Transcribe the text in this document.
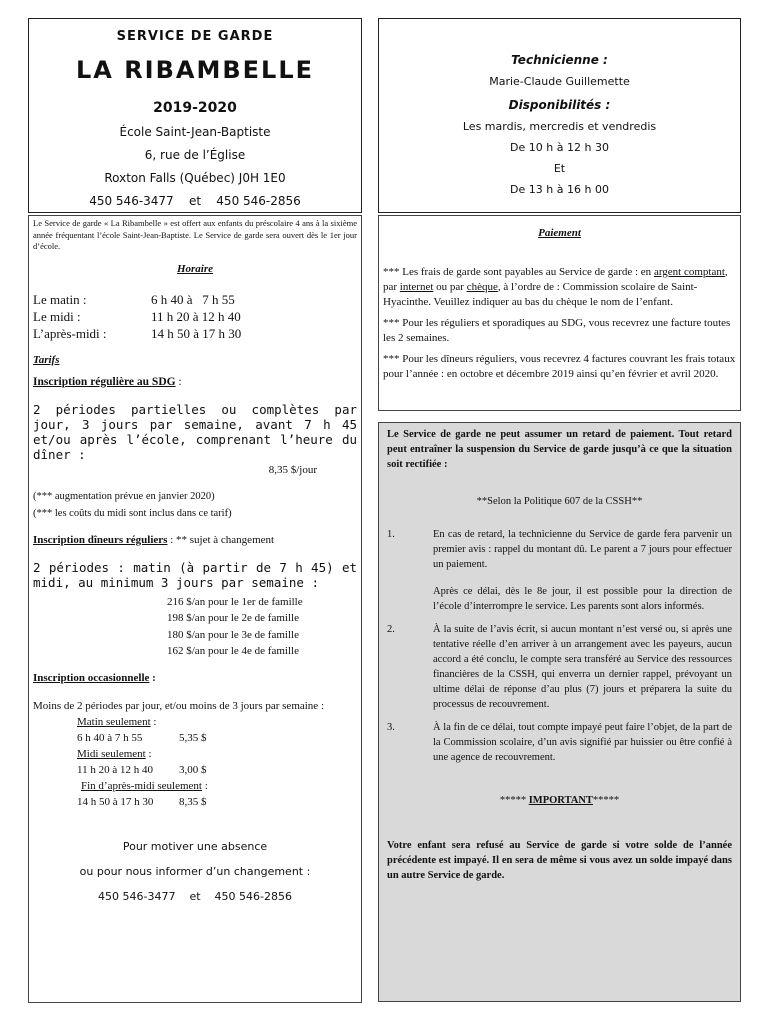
SERVICE DE GARDE

LA RIBAMBELLE

2019-2020

École Saint-Jean-Baptiste

6, rue de l’Église

Roxton Falls (Québec) J0H 1E0

450 546-3477    et    450 546-2856

Technicienne :

Marie-Claude Guillemette

Disponibilités :

Les mardis, mercredis et vendredis

De 10 h à 12 h 30

Et

De 13 h à 16 h 00

Le Service de garde « La Ribambelle » est offert aux enfants du préscolaire 4 ans à la sixième année fréquentant l’école Saint-Jean-Baptiste. Le Service de garde sera ouvert dès le 1er jour d’école.

Horaire

Le matin :	6 h 40 à   7 h 55
Le midi :	11 h 20 à 12 h 40
L’après-midi :	14 h 50 à 17 h 30

Tarifs

Inscription régulière au SDG :

2 périodes partielles ou complètes par jour, 3 jours par semaine, avant 7 h 45 et/ou après l’école, comprenant l’heure du dîner :

8,35 $/jour

(*** augmentation prévue en janvier 2020)

(*** les coûts du midi sont inclus dans ce tarif)

Inscription dîneurs réguliers : ** sujet à changement

2 périodes : matin (à partir de 7 h 45) et midi, au minimum 3 jours par semaine :

216 $/an pour le 1er de famille

198 $/an pour le 2e de famille

180 $/an pour le 3e de famille

162 $/an pour le 4e de famille

Inscription occasionnelle :

Moins de 2 périodes par jour, et/ou moins de 3 jours par semaine :

Matin seulement :

6 h 40 à 7 h 55	5,35 $

Midi seulement :

11 h 20 à 12 h 40	3,00 $

Fin d’après-midi seulement :

14 h 50 à 17 h 30	8,35 $

Pour motiver une absence

ou pour nous informer d’un changement :

450 546-3477    et    450 546-2856

Paiement

*** Les frais de garde sont payables au Service de garde : en argent comptant, par internet ou par chèque, à l’ordre de : Commission scolaire de Saint-Hyacinthe. Veuillez indiquer au bas du chèque le nom de l’enfant.

*** Pour les réguliers et sporadiques au SDG, vous recevrez une facture toutes les 2 semaines.

*** Pour les dîneurs réguliers, vous recevrez 4 factures couvrant les frais totaux pour l’année : en octobre et décembre 2019 ainsi qu’en février et avril 2020.

Le Service de garde ne peut assumer un retard de paiement. Tout retard peut entraîner la suspension du Service de garde jusqu’à ce que la situation soit rectifiée :

**Selon la Politique 607 de la CSSH**

1.	En cas de retard, la technicienne du Service de garde fera parvenir un premier avis : rappel du montant dû. Le parent a 7 jours pour effectuer un paiement.
Après ce délai, dès le 8e jour, il est possible pour la direction de l’école d’interrompre le service. Les parents sont alors informés.
2.	À la suite de l’avis écrit, si aucun montant n’est versé ou, si après une tentative réelle d’en arriver à un arrangement avec les payeurs, aucun accord a été conclu, le compte sera transféré au Service des ressources financières de la CSSH, qui enverra un dernier rappel, prévoyant un ultime délai de réponse d’au plus (7) jours et préparera la suite du processus de recouvrement.
3.	À la fin de ce délai, tout compte impayé peut faire l’objet, de la part de la Commission scolaire, d’un avis signifié par huissier ou être confié à une agence de recouvrement.

***** IMPORTANT*****

Votre enfant sera refusé au Service de garde si votre solde de l’année précédente est impayé. Il en sera de même si vous avez un solde impayé dans un autre Service de garde.
